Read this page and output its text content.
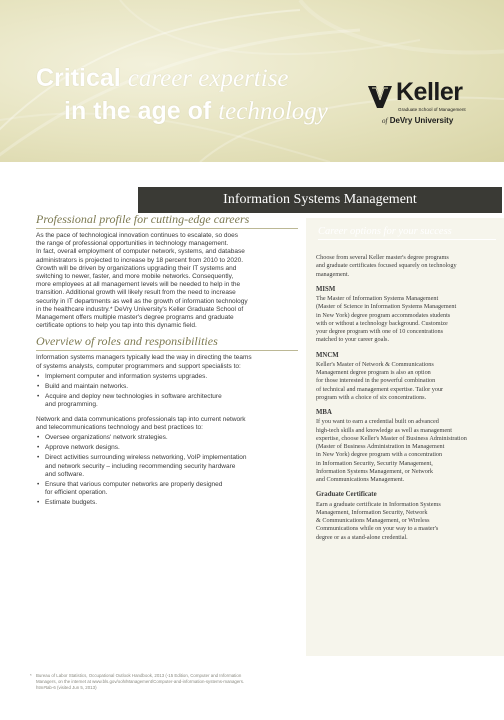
Critical career expertise
in the age of technology
Keller
Graduate School of Management
of DeVry University
Information Systems Management
Professional profile for cutting-edge careers
As the pace of technological innovation continues to escalate, so does
the range of professional opportunities in technology management.
In fact, overall employment of computer network, systems, and database
administrators is projected to increase by 18 percent from 2010 to 2020.
Growth will be driven by organizations upgrading their IT systems and
switching to newer, faster, and more mobile networks. Consequently,
more employees at all management levels will be needed to help in the
transition. Additional growth will likely result from the need to increase
security in IT departments as well as the growth of information technology
in the healthcare industry.* DeVry University's Keller Graduate School of
Management offers multiple master's degree programs and graduate
certificate options to help you tap into this dynamic field.
Overview of roles and responsibilities
Information systems managers typically lead the way in directing the teams
of systems analysts, computer programmers and support specialists to:
• Implement computer and information systems upgrades.
• Build and maintain networks.
• Acquire and deploy new technologies in software architecture
and programming.
Network and data communications professionals tap into current network
and telecommunications technology and best practices to:
• Oversee organizations' network strategies.
• Approve network designs.
• Direct activities surrounding wireless networking, VoIP implementation
and network security – including recommending security hardware
and software.
• Ensure that various computer networks are properly designed
for efficient operation.
• Estimate budgets.
Career options for your success
Choose from several Keller master's degree programs
and graduate certificates focused squarely on technology
management.
MISM
The Master of Information Systems Management
(Master of Science in Information Systems Management
in New York) degree program accommodates students
with or without a technology background. Customize
your degree program with one of 10 concentrations
matched to your career goals.
MNCM
Keller's Master of Network & Communications
Management degree program is also an option
for those interested in the powerful combination
of technical and management expertise. Tailor your
program with a choice of six concentrations.
MBA
If you want to earn a credential built on advanced
high-tech skills and knowledge as well as management
expertise, choose Keller's Master of Business Administration
(Master of Business Administration in Management
in New York) degree program with a concentration
in Information Security, Security Management,
Information Systems Management, or Network
and Communications Management.
Graduate Certificate
Earn a graduate certificate in Information Systems
Management, Information Security, Network
& Communications Management, or Wireless
Communications while on your way to a master's
degree or as a stand-alone credential.
* Bureau of Labor Statistics, Occupational Outlook Handbook, 2013 (-15 Edition, Computer and Information
Managers, on the internet at www.bls.gov/ooh/Management/Computer-and-information-systems-managers.
htm#tab-6 (visited Jun 5, 2013)
